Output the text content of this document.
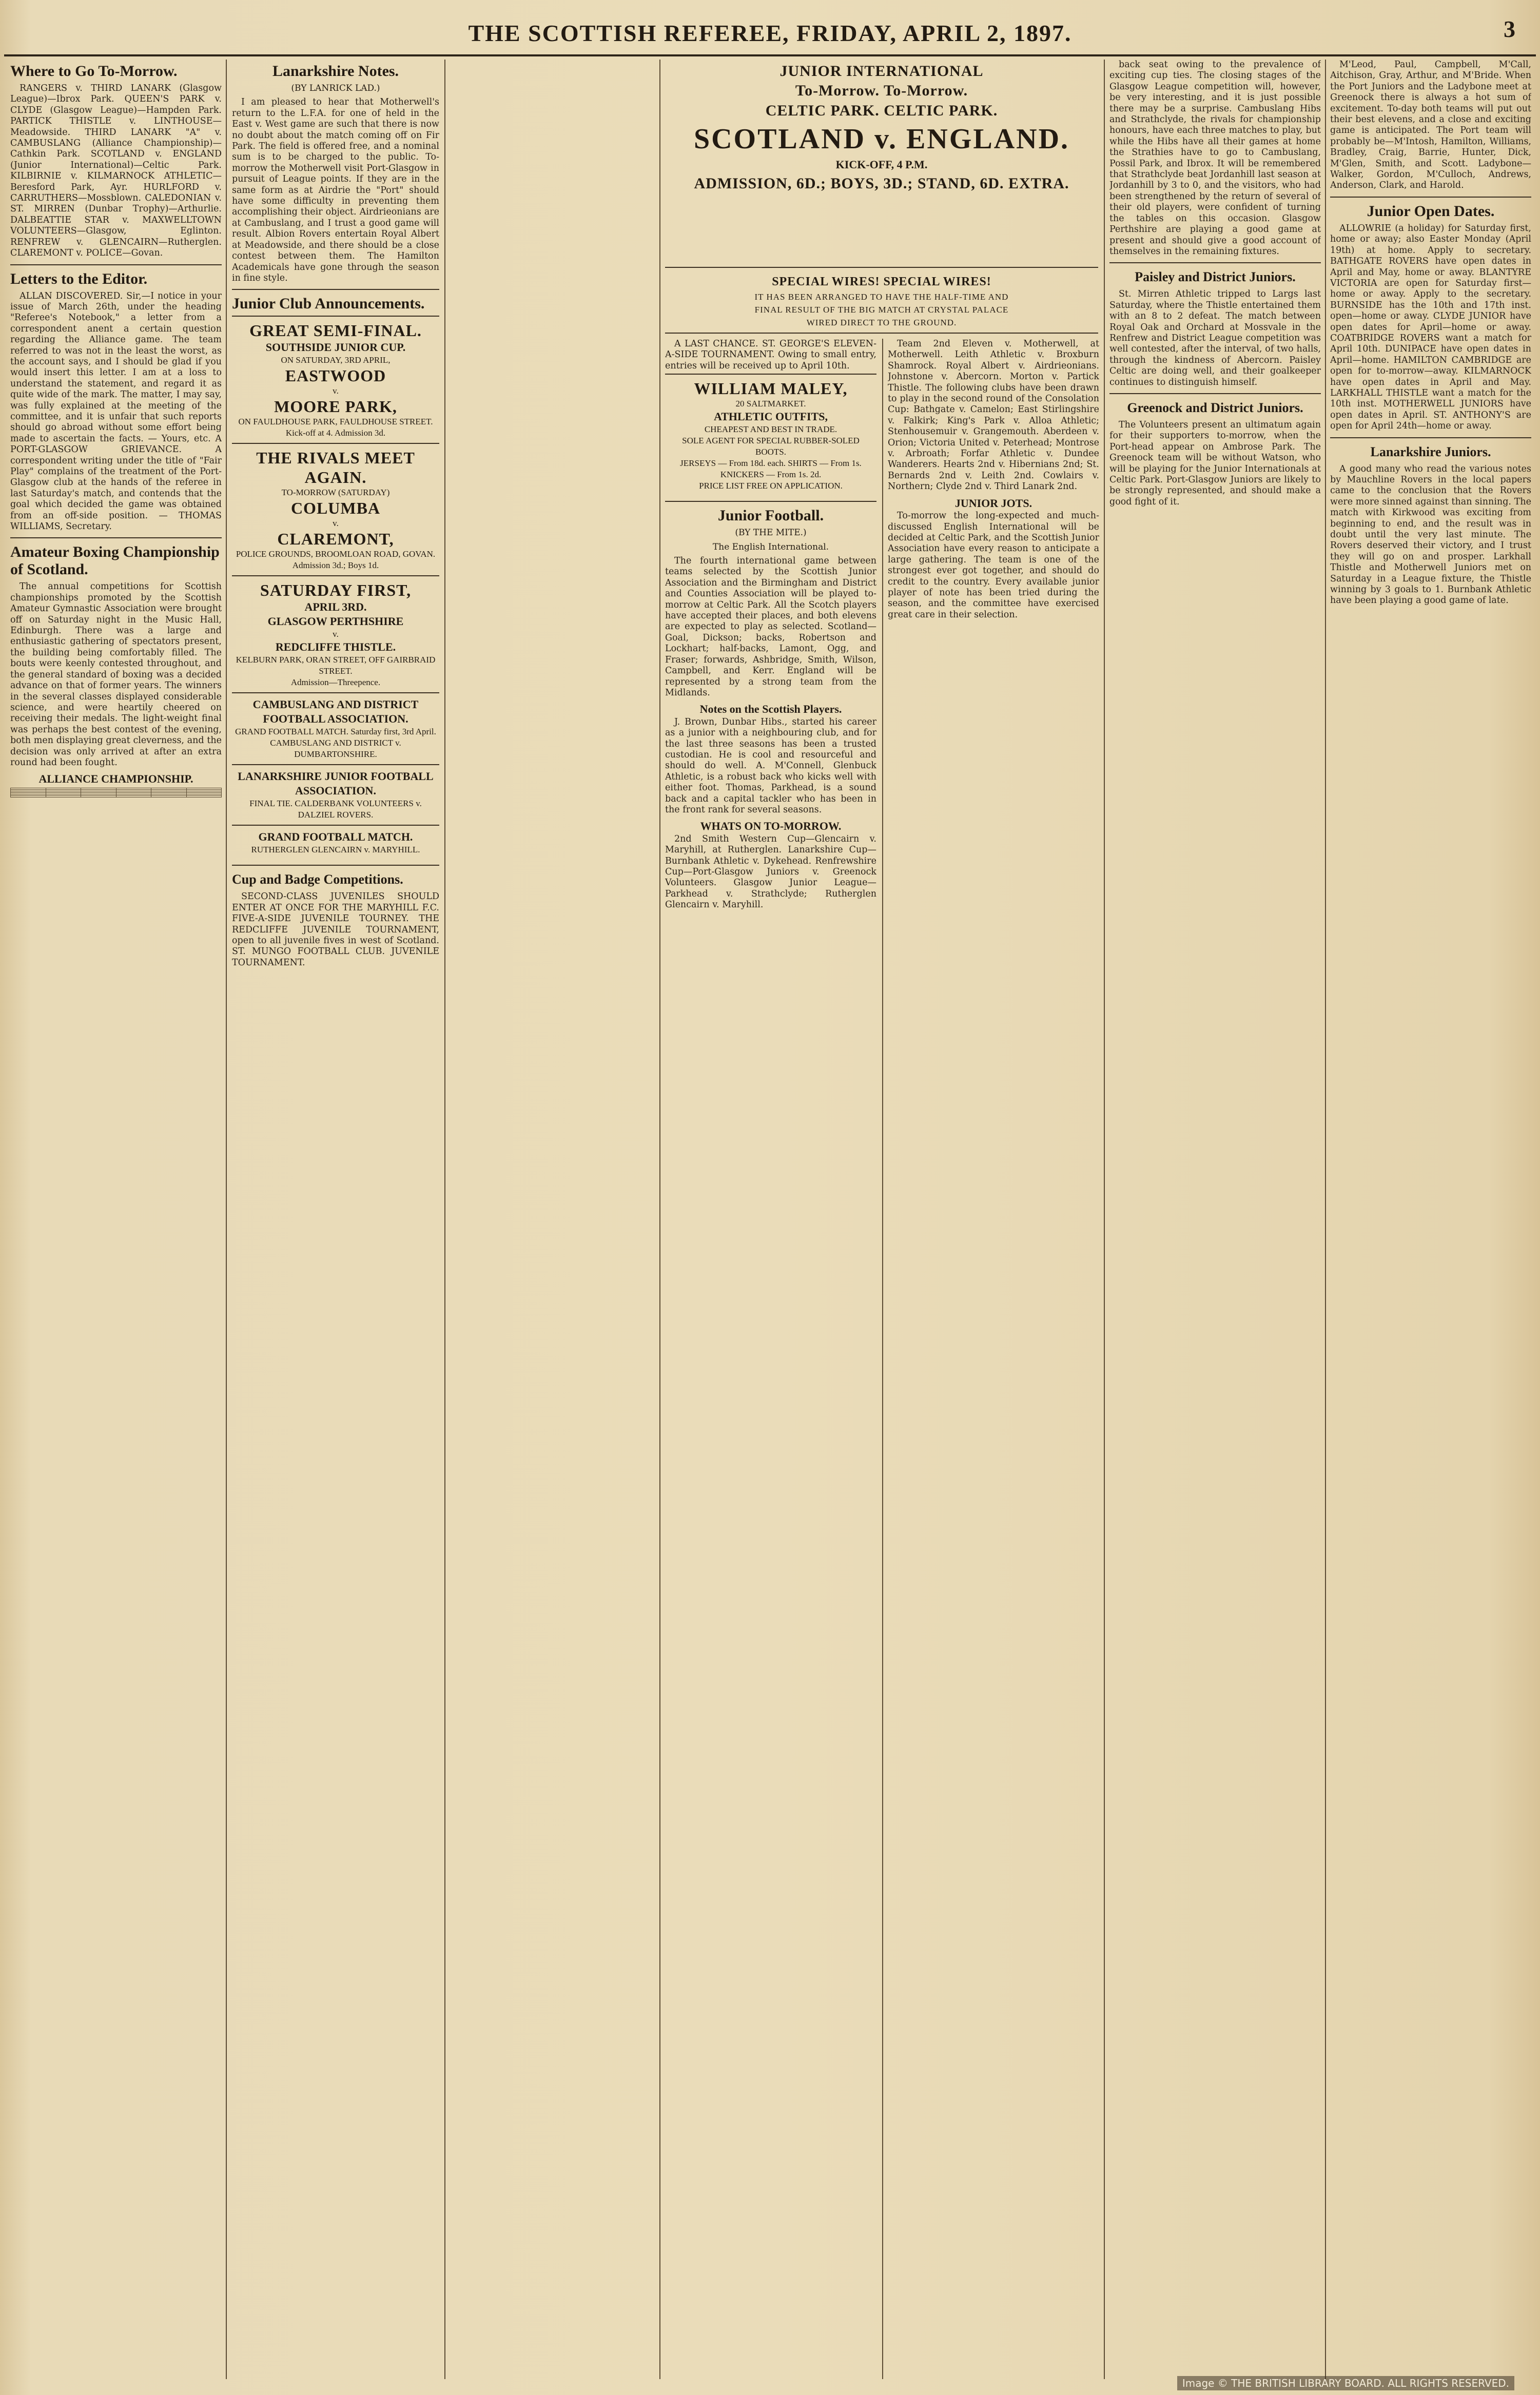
THE SCOTTISH REFEREE, FRIDAY, APRIL 2, 1897.	3
Where to Go To-Morrow.
RANGERS v. THIRD LANARK (Glasgow League)—Ibrox Park. QUEEN'S PARK v. CLYDE (Glasgow League)—Hampden Park. PARTICK THISTLE v. LINTHOUSE—Meadowside. THIRD LANARK "A" v. CAMBUSLANG (Alliance Championship)—Cathkin Park. SCOTLAND v. ENGLAND (Junior International)—Celtic Park. KILBIRNIE v. KILMARNOCK ATHLETIC—Beresford Park, Ayr. HURLFORD v. CARRUTHERS—Mossblown. CALEDONIAN v. ST. MIRREN (Dunbar Trophy)—Arthurlie. DALBEATTIE STAR v. MAXWELLTOWN VOLUNTEERS—Glasgow, Eglinton. RENFREW v. GLENCAIRN—Rutherglen. CLAREMONT v. POLICE—Govan.
Letters to the Editor.
ALLAN DISCOVERED. Sir,—I notice in your issue of March 26th, under the heading "Referee's Notebook," a letter from a correspondent anent a certain question regarding the Alliance game. The team referred to was not in the least the worst, as the account says, and I should be glad if you would insert this letter. I am at a loss to understand the statement, and regard it as quite wide of the mark. The matter, I may say, was fully explained at the meeting of the committee, and it is unfair that such reports should go abroad without some effort being made to ascertain the facts. — Yours, etc. A PORT-GLASGOW GRIEVANCE. A correspondent writing under the title of "Fair Play" complains of the treatment of the Port-Glasgow club at the hands of the referee in last Saturday's match, and contends that the goal which decided the game was obtained from an off-side position. — THOMAS WILLIAMS, Secretary.
Amateur Boxing Championship of Scotland.
The annual competitions for Scottish championships promoted by the Scottish Amateur Gymnastic Association were brought off on Saturday night in the Music Hall, Edinburgh. There was a large and enthusiastic gathering of spectators present, the building being comfortably filled. The bouts were keenly contested throughout, and the general standard of boxing was a decided advance on that of former years. The winners in the several classes displayed considerable science, and were heartily cheered on receiving their medals. The light-weight final was perhaps the best contest of the evening, both men displaying great cleverness, and the decision was only arrived at after an extra round had been fought.
ALLIANCE CHAMPIONSHIP.

Lanarkshire Notes.
(BY LANRICK LAD.)
I am pleased to hear that Motherwell's return to the L.F.A. for one of held in the East v. West game are such that there is now no doubt about the match coming off on Fir Park. The field is offered free, and a nominal sum is to be charged to the public. To-morrow the Motherwell visit Port-Glasgow in pursuit of League points. If they are in the same form as at Airdrie the "Port" should have some difficulty in preventing them accomplishing their object. Airdrieonians are at Cambuslang, and I trust a good game will result. Albion Rovers entertain Royal Albert at Meadowside, and there should be a close contest between them. The Hamilton Academicals have gone through the season in fine style.
Junior Club Announcements.
GREAT SEMI-FINAL.
SOUTHSIDE JUNIOR CUP.
ON SATURDAY, 3RD APRIL,
EASTWOOD
v.
MOORE PARK,
ON FAULDHOUSE PARK, FAULDHOUSE STREET.
Kick-off at 4. Admission 3d.
THE RIVALS MEET AGAIN.
TO-MORROW (SATURDAY)
COLUMBA
v.
CLAREMONT,
POLICE GROUNDS, BROOMLOAN ROAD, GOVAN.
Admission 3d.; Boys 1d.
SATURDAY FIRST,
APRIL 3RD.
GLASGOW PERTHSHIRE
v.
REDCLIFFE THISTLE.
KELBURN PARK, ORAN STREET, OFF GAIRBRAID STREET.
Admission—Threepence.
CAMBUSLANG AND DISTRICT FOOTBALL ASSOCIATION.
GRAND FOOTBALL MATCH. Saturday first, 3rd April. CAMBUSLANG AND DISTRICT v. DUMBARTONSHIRE.
LANARKSHIRE JUNIOR FOOTBALL ASSOCIATION.
FINAL TIE. CALDERBANK VOLUNTEERS v. DALZIEL ROVERS.
GRAND FOOTBALL MATCH.
RUTHERGLEN GLENCAIRN v. MARYHILL.
Cup and Badge Competitions.
SECOND-CLASS JUVENILES SHOULD ENTER AT ONCE FOR THE MARYHILL F.C. FIVE-A-SIDE JUVENILE TOURNEY. THE REDCLIFFE JUVENILE TOURNAMENT, open to all juvenile fives in west of Scotland. ST. MUNGO FOOTBALL CLUB. JUVENILE TOURNAMENT.
JUNIOR INTERNATIONAL
To-Morrow. To-Morrow.
CELTIC PARK. CELTIC PARK.
SCOTLAND v. ENGLAND.
KICK-OFF, 4 P.M.
ADMISSION, 6D.; BOYS, 3D.; STAND, 6D. EXTRA.
SPECIAL WIRES! SPECIAL WIRES!
IT HAS BEEN ARRANGED TO HAVE THE HALF-TIME AND
FINAL RESULT OF THE BIG MATCH AT CRYSTAL PALACE
WIRED DIRECT TO THE GROUND.
A LAST CHANCE. ST. GEORGE'S ELEVEN-A-SIDE TOURNAMENT. Owing to small entry, entries will be received up to April 10th.
WILLIAM MALEY,
20 SALTMARKET.
ATHLETIC OUTFITS,
CHEAPEST AND BEST IN TRADE.
SOLE AGENT FOR SPECIAL RUBBER-SOLED BOOTS.
JERSEYS — From 18d. each. SHIRTS — From 1s. KNICKERS — From 1s. 2d.
PRICE LIST FREE ON APPLICATION.
Junior Football.
(BY THE MITE.)
The English International.
The fourth international game between teams selected by the Scottish Junior Association and the Birmingham and District and Counties Association will be played to-morrow at Celtic Park. All the Scotch players have accepted their places, and both elevens are expected to play as selected. Scotland—Goal, Dickson; backs, Robertson and Lockhart; half-backs, Lamont, Ogg, and Fraser; forwards, Ashbridge, Smith, Wilson, Campbell, and Kerr. England will be represented by a strong team from the Midlands.
Notes on the Scottish Players.
J. Brown, Dunbar Hibs., started his career as a junior with a neighbouring club, and for the last three seasons has been a trusted custodian. He is cool and resourceful and should do well. A. M'Connell, Glenbuck Athletic, is a robust back who kicks well with either foot. Thomas, Parkhead, is a sound back and a capital tackler who has been in the front rank for several seasons.
WHATS ON TO-MORROW.
2nd Smith Western Cup—Glencairn v. Maryhill, at Rutherglen. Lanarkshire Cup—Burnbank Athletic v. Dykehead. Renfrewshire Cup—Port-Glasgow Juniors v. Greenock Volunteers. Glasgow Junior League—Parkhead v. Strathclyde; Rutherglen Glencairn v. Maryhill.
Team 2nd Eleven v. Motherwell, at Motherwell. Leith Athletic v. Broxburn Shamrock. Royal Albert v. Airdrieonians. Johnstone v. Abercorn. Morton v. Partick Thistle. The following clubs have been drawn to play in the second round of the Consolation Cup: Bathgate v. Camelon; East Stirlingshire v. Falkirk; King's Park v. Alloa Athletic; Stenhousemuir v. Grangemouth. Aberdeen v. Orion; Victoria United v. Peterhead; Montrose v. Arbroath; Forfar Athletic v. Dundee Wanderers. Hearts 2nd v. Hibernians 2nd; St. Bernards 2nd v. Leith 2nd. Cowlairs v. Northern; Clyde 2nd v. Third Lanark 2nd.
JUNIOR JOTS.
To-morrow the long-expected and much-discussed English International will be decided at Celtic Park, and the Scottish Junior Association have every reason to anticipate a large gathering. The team is one of the strongest ever got together, and should do credit to the country. Every available junior player of note has been tried during the season, and the committee have exercised great care in their selection.
back seat owing to the prevalence of exciting cup ties. The closing stages of the Glasgow League competition will, however, be very interesting, and it is just possible there may be a surprise. Cambuslang Hibs and Strathclyde, the rivals for championship honours, have each three matches to play, but while the Hibs have all their games at home the Strathies have to go to Cambuslang, Possil Park, and Ibrox. It will be remembered that Strathclyde beat Jordanhill last season at Jordanhill by 3 to 0, and the visitors, who had been strengthened by the return of several of their old players, were confident of turning the tables on this occasion. Glasgow Perthshire are playing a good game at present and should give a good account of themselves in the remaining fixtures.
Paisley and District Juniors.
St. Mirren Athletic tripped to Largs last Saturday, where the Thistle entertained them with an 8 to 2 defeat. The match between Royal Oak and Orchard at Mossvale in the Renfrew and District League competition was well contested, after the interval, of two halls, through the kindness of Abercorn. Paisley Celtic are doing well, and their goalkeeper continues to distinguish himself.
Greenock and District Juniors.
The Volunteers present an ultimatum again for their supporters to-morrow, when the Port-head appear on Ambrose Park. The Greenock team will be without Watson, who will be playing for the Junior Internationals at Celtic Park. Port-Glasgow Juniors are likely to be strongly represented, and should make a good fight of it.
M'Leod, Paul, Campbell, M'Call, Aitchison, Gray, Arthur, and M'Bride. When the Port Juniors and the Ladybone meet at Greenock there is always a hot sum of excitement. To-day both teams will put out their best elevens, and a close and exciting game is anticipated. The Port team will probably be—M'Intosh, Hamilton, Williams, Bradley, Craig, Barrie, Hunter, Dick, M'Glen, Smith, and Scott. Ladybone—Walker, Gordon, M'Culloch, Andrews, Anderson, Clark, and Harold.
Junior Open Dates.
ALLOWRIE (a holiday) for Saturday first, home or away; also Easter Monday (April 19th) at home. Apply to secretary. BATHGATE ROVERS have open dates in April and May, home or away. BLANTYRE VICTORIA are open for Saturday first—home or away. Apply to the secretary. BURNSIDE has the 10th and 17th inst. open—home or away. CLYDE JUNIOR have open dates for April—home or away. COATBRIDGE ROVERS want a match for April 10th. DUNIPACE have open dates in April—home. HAMILTON CAMBRIDGE are open for to-morrow—away. KILMARNOCK have open dates in April and May. LARKHALL THISTLE want a match for the 10th inst. MOTHERWELL JUNIORS have open dates in April. ST. ANTHONY'S are open for April 24th—home or away.
Lanarkshire Juniors.
A good many who read the various notes by Mauchline Rovers in the local papers came to the conclusion that the Rovers were more sinned against than sinning. The match with Kirkwood was exciting from beginning to end, and the result was in doubt until the very last minute. The Rovers deserved their victory, and I trust they will go on and prosper. Larkhall Thistle and Motherwell Juniors met on Saturday in a League fixture, the Thistle winning by 3 goals to 1. Burnbank Athletic have been playing a good game of late.
Image © THE BRITISH LIBRARY BOARD. ALL RIGHTS RESERVED.
